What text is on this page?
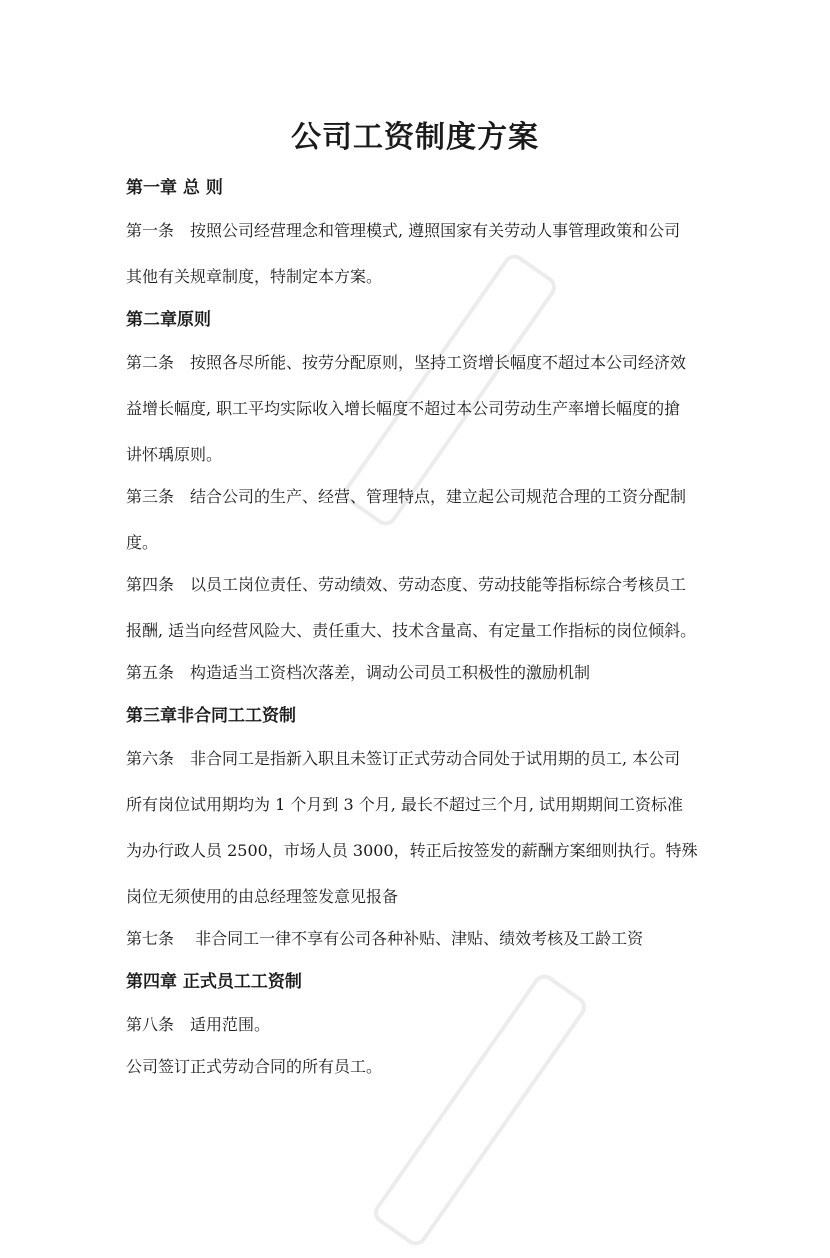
公司工资制度方案
第一章 总 则
第一条　按照公司经营理念和管理模式, 遵照国家有关劳动人事管理政策和公司
其他有关规章制度，特制定本方案。
第二章原则
第二条　按照各尽所能、按劳分配原则，坚持工资增长幅度不超过本公司经济效
益增长幅度, 职工平均实际收入增长幅度不超过本公司劳动生产率增长幅度的搶
讲怀瑀原则。
第三条　结合公司的生产、经营、管理特点，建立起公司规范合理的工资分配制
度。
第四条　以员工岗位责任、劳动绩效、劳动态度、劳动技能等指标综合考核员工
报酬, 适当向经营风险大、责任重大、技术含量高、有定量工作指标的岗位倾斜。
第五条　构造适当工资档次落差，调动公司员工积极性的激励机制
第三章非合同工工资制
第六条　非合同工是指新入职且未签订正式劳动合同处于试用期的员工, 本公司
所有岗位试用期均为 1 个月到 3 个月, 最长不超过三个月, 试用期期间工资标准
为办行政人员 2500，市场人员 3000，转正后按签发的薪酬方案细则执行。特殊
岗位无须使用的由总经理签发意见报备
第七条　 非合同工一律不享有公司各种补贴、津贴、绩效考核及工龄工资
第四章 正式员工工资制
第八条　适用范围。
公司签订正式劳动合同的所有员工。
